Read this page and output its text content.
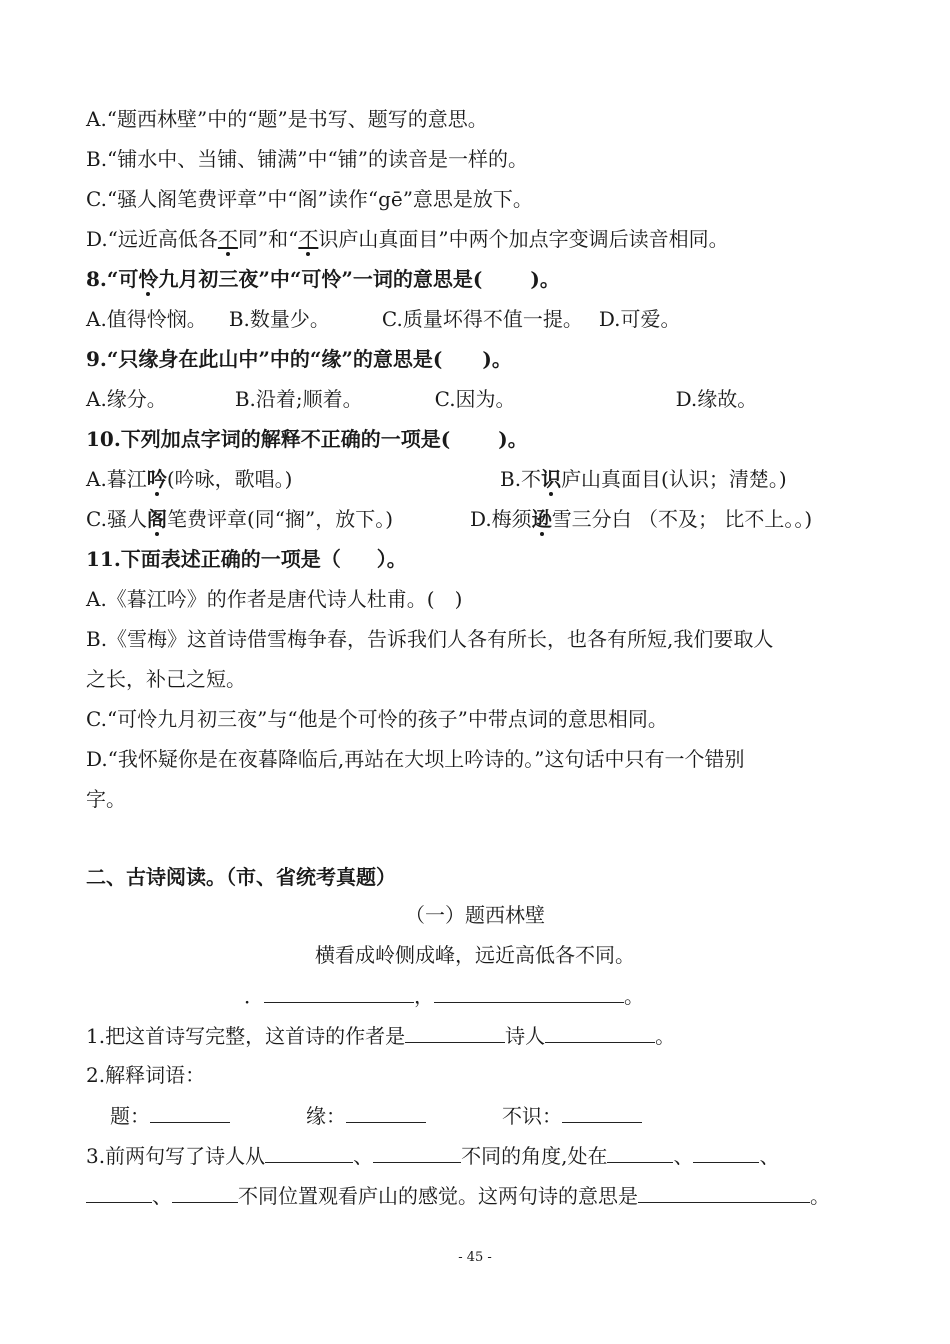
A.“题西林壁”中的“题”是书写、题写的意思。
B.“铺水中、当铺、铺满”中“铺”的读音是一样的。
C.“骚人阁笔费评章”中“阁”读作“gē”意思是放下。
D.“远近高低各不同”和“不识庐山真面目”中两个加点字变调后读音相同。
8.“可怜九月初三夜”中“可怜”一词的意思是( )。
A.值得怜悯。 B.数量少。	C.质量坏得不值一提。 D.可爱。
9.“只缘身在此山中”中的“缘”的意思是( )。
A.缘分。	B.沿着;顺着。	C.因为。	D.缘故。
10.下列加点字词的解释不正确的一项是( )。
A.暮江吟(吟咏，歌唱。)	B.不识庐山真面目(认识；清楚。)
C.骚人阁笔费评章(同“搁”，放下。)	D.梅须逊雪三分白 （不及； 比不上。。)
11.下面表述正确的一项是（ ）。
A.《暮江吟》的作者是唐代诗人杜甫。(　)
B.《雪梅》这首诗借雪梅争春，告诉我们人各有所长，也各有所短,我们要取人
之长，补己之短。
C.“可怜九月初三夜”与“他是个可怜的孩子”中带点词的意思相同。
D.“我怀疑你是在夜暮降临后,再站在大坝上吟诗的。”这句话中只有一个错别
字。
二、古诗阅读。（市、省统考真题）
（一）题西林壁
横看成岭侧成峰，远近高低各不同。
．	，	。
1.把这首诗写完整，这首诗的作者是	诗人	。
2.解释词语：
题：	缘：	不识：
3.前两句写了诗人从	、	不同的角度,处在	、	、
、	不同位置观看庐山的感觉。这两句诗的意思是	。
- 45 -
